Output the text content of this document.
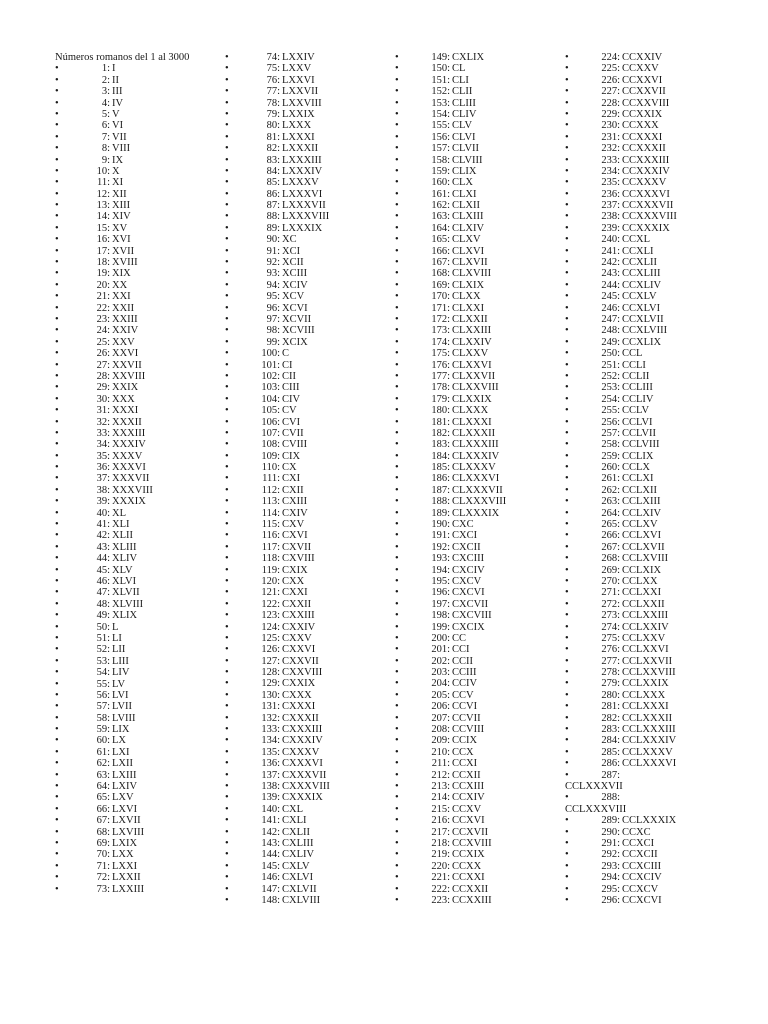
Números romanos del 1 al 3000

•	1: I
•	2: II
•	3: III
•	4: IV
•	5: V
•	6: VI
•	7: VII
•	8: VIII
•	9: IX
•	10: X
•	11: XI
•	12: XII
•	13: XIII
•	14: XIV
•	15: XV
•	16: XVI
•	17: XVII
•	18: XVIII
•	19: XIX
•	20: XX
•	21: XXI
•	22: XXII
•	23: XXIII
•	24: XXIV
•	25: XXV
•	26: XXVI
•	27: XXVII
•	28: XXVIII
•	29: XXIX
•	30: XXX
•	31: XXXI
•	32: XXXII
•	33: XXXIII
•	34: XXXIV
•	35: XXXV
•	36: XXXVI
•	37: XXXVII
•	38: XXXVIII
•	39: XXXIX
•	40: XL
•	41: XLI
•	42: XLII
•	43: XLIII
•	44: XLIV
•	45: XLV
•	46: XLVI
•	47: XLVII
•	48: XLVIII
•	49: XLIX
•	50: L
•	51: LI
•	52: LII
•	53: LIII
•	54: LIV
•	55: LV
•	56: LVI
•	57: LVII
•	58: LVIII
•	59: LIX
•	60: LX
•	61: LXI
•	62: LXII
•	63: LXIII
•	64: LXIV
•	65: LXV
•	66: LXVI
•	67: LXVII
•	68: LXVIII
•	69: LXIX
•	70: LXX
•	71: LXXI
•	72: LXXII
•	73: LXXIII
•	74: LXXIV
•	75: LXXV
•	76: LXXVI
•	77: LXXVII
•	78: LXXVIII
•	79: LXXIX
•	80: LXXX
•	81: LXXXI
•	82: LXXXII
•	83: LXXXIII
•	84: LXXXIV
•	85: LXXXV
•	86: LXXXVI
•	87: LXXXVII
•	88: LXXXVIII
•	89: LXXXIX
•	90: XC
•	91: XCI
•	92: XCII
•	93: XCIII
•	94: XCIV
•	95: XCV
•	96: XCVI
•	97: XCVII
•	98: XCVIII
•	99: XCIX
•	100: C
•	101: CI
•	102: CII
•	103: CIII
•	104: CIV
•	105: CV
•	106: CVI
•	107: CVII
•	108: CVIII
•	109: CIX
•	110: CX
•	111: CXI
•	112: CXII
•	113: CXIII
•	114: CXIV
•	115: CXV
•	116: CXVI
•	117: CXVII
•	118: CXVIII
•	119: CXIX
•	120: CXX
•	121: CXXI
•	122: CXXII
•	123: CXXIII
•	124: CXXIV
•	125: CXXV
•	126: CXXVI
•	127: CXXVII
•	128: CXXVIII
•	129: CXXIX
•	130: CXXX
•	131: CXXXI
•	132: CXXXII
•	133: CXXXIII
•	134: CXXXIV
•	135: CXXXV
•	136: CXXXVI
•	137: CXXXVII
•	138: CXXXVIII
•	139: CXXXIX
•	140: CXL
•	141: CXLI
•	142: CXLII
•	143: CXLIII
•	144: CXLIV
•	145: CXLV
•	146: CXLVI
•	147: CXLVII
•	148: CXLVIII
•	149: CXLIX
•	150: CL
•	151: CLI
•	152: CLII
•	153: CLIII
•	154: CLIV
•	155: CLV
•	156: CLVI
•	157: CLVII
•	158: CLVIII
•	159: CLIX
•	160: CLX
•	161: CLXI
•	162: CLXII
•	163: CLXIII
•	164: CLXIV
•	165: CLXV
•	166: CLXVI
•	167: CLXVII
•	168: CLXVIII
•	169: CLXIX
•	170: CLXX
•	171: CLXXI
•	172: CLXXII
•	173: CLXXIII
•	174: CLXXIV
•	175: CLXXV
•	176: CLXXVI
•	177: CLXXVII
•	178: CLXXVIII
•	179: CLXXIX
•	180: CLXXX
•	181: CLXXXI
•	182: CLXXXII
•	183: CLXXXIII
•	184: CLXXXIV
•	185: CLXXXV
•	186: CLXXXVI
•	187: CLXXXVII
•	188: CLXXXVIII
•	189: CLXXXIX
•	190: CXC
•	191: CXCI
•	192: CXCII
•	193: CXCIII
•	194: CXCIV
•	195: CXCV
•	196: CXCVI
•	197: CXCVII
•	198: CXCVIII
•	199: CXCIX
•	200: CC
•	201: CCI
•	202: CCII
•	203: CCIII
•	204: CCIV
•	205: CCV
•	206: CCVI
•	207: CCVII
•	208: CCVIII
•	209: CCIX
•	210: CCX
•	211: CCXI
•	212: CCXII
•	213: CCXIII
•	214: CCXIV
•	215: CCXV
•	216: CCXVI
•	217: CCXVII
•	218: CCXVIII
•	219: CCXIX
•	220: CCXX
•	221: CCXXI
•	222: CCXXII
•	223: CCXXIII
•	224: CCXXIV
•	225: CCXXV
•	226: CCXXVI
•	227: CCXXVII
•	228: CCXXVIII
•	229: CCXXIX
•	230: CCXXX
•	231: CCXXXI
•	232: CCXXXII
•	233: CCXXXIII
•	234: CCXXXIV
•	235: CCXXXV
•	236: CCXXXVI
•	237: CCXXXVII
•	238: CCXXXVIII
•	239: CCXXXIX
•	240: CCXL
•	241: CCXLI
•	242: CCXLII
•	243: CCXLIII
•	244: CCXLIV
•	245: CCXLV
•	246: CCXLVI
•	247: CCXLVII
•	248: CCXLVIII
•	249: CCXLIX
•	250: CCL
•	251: CCLI
•	252: CCLII
•	253: CCLIII
•	254: CCLIV
•	255: CCLV
•	256: CCLVI
•	257: CCLVII
•	258: CCLVIII
•	259: CCLIX
•	260: CCLX
•	261: CCLXI
•	262: CCLXII
•	263: CCLXIII
•	264: CCLXIV
•	265: CCLXV
•	266: CCLXVI
•	267: CCLXVII
•	268: CCLXVIII
•	269: CCLXIX
•	270: CCLXX
•	271: CCLXXI
•	272: CCLXXII
•	273: CCLXXIII
•	274: CCLXXIV
•	275: CCLXXV
•	276: CCLXXVI
•	277: CCLXXVII
•	278: CCLXXVIII
•	279: CCLXXIX
•	280: CCLXXX
•	281: CCLXXXI
•	282: CCLXXXII
•	283: CCLXXXIII
•	284: CCLXXXIV
•	285: CCLXXXV
•	286: CCLXXXVI
•	287:
CCLXXXVII
•	288:
CCLXXXVIII
•	289: CCLXXXIX
•	290: CCXC
•	291: CCXCI
•	292: CCXCII
•	293: CCXCIII
•	294: CCXCIV
•	295: CCXCV
•	296: CCXCVI
